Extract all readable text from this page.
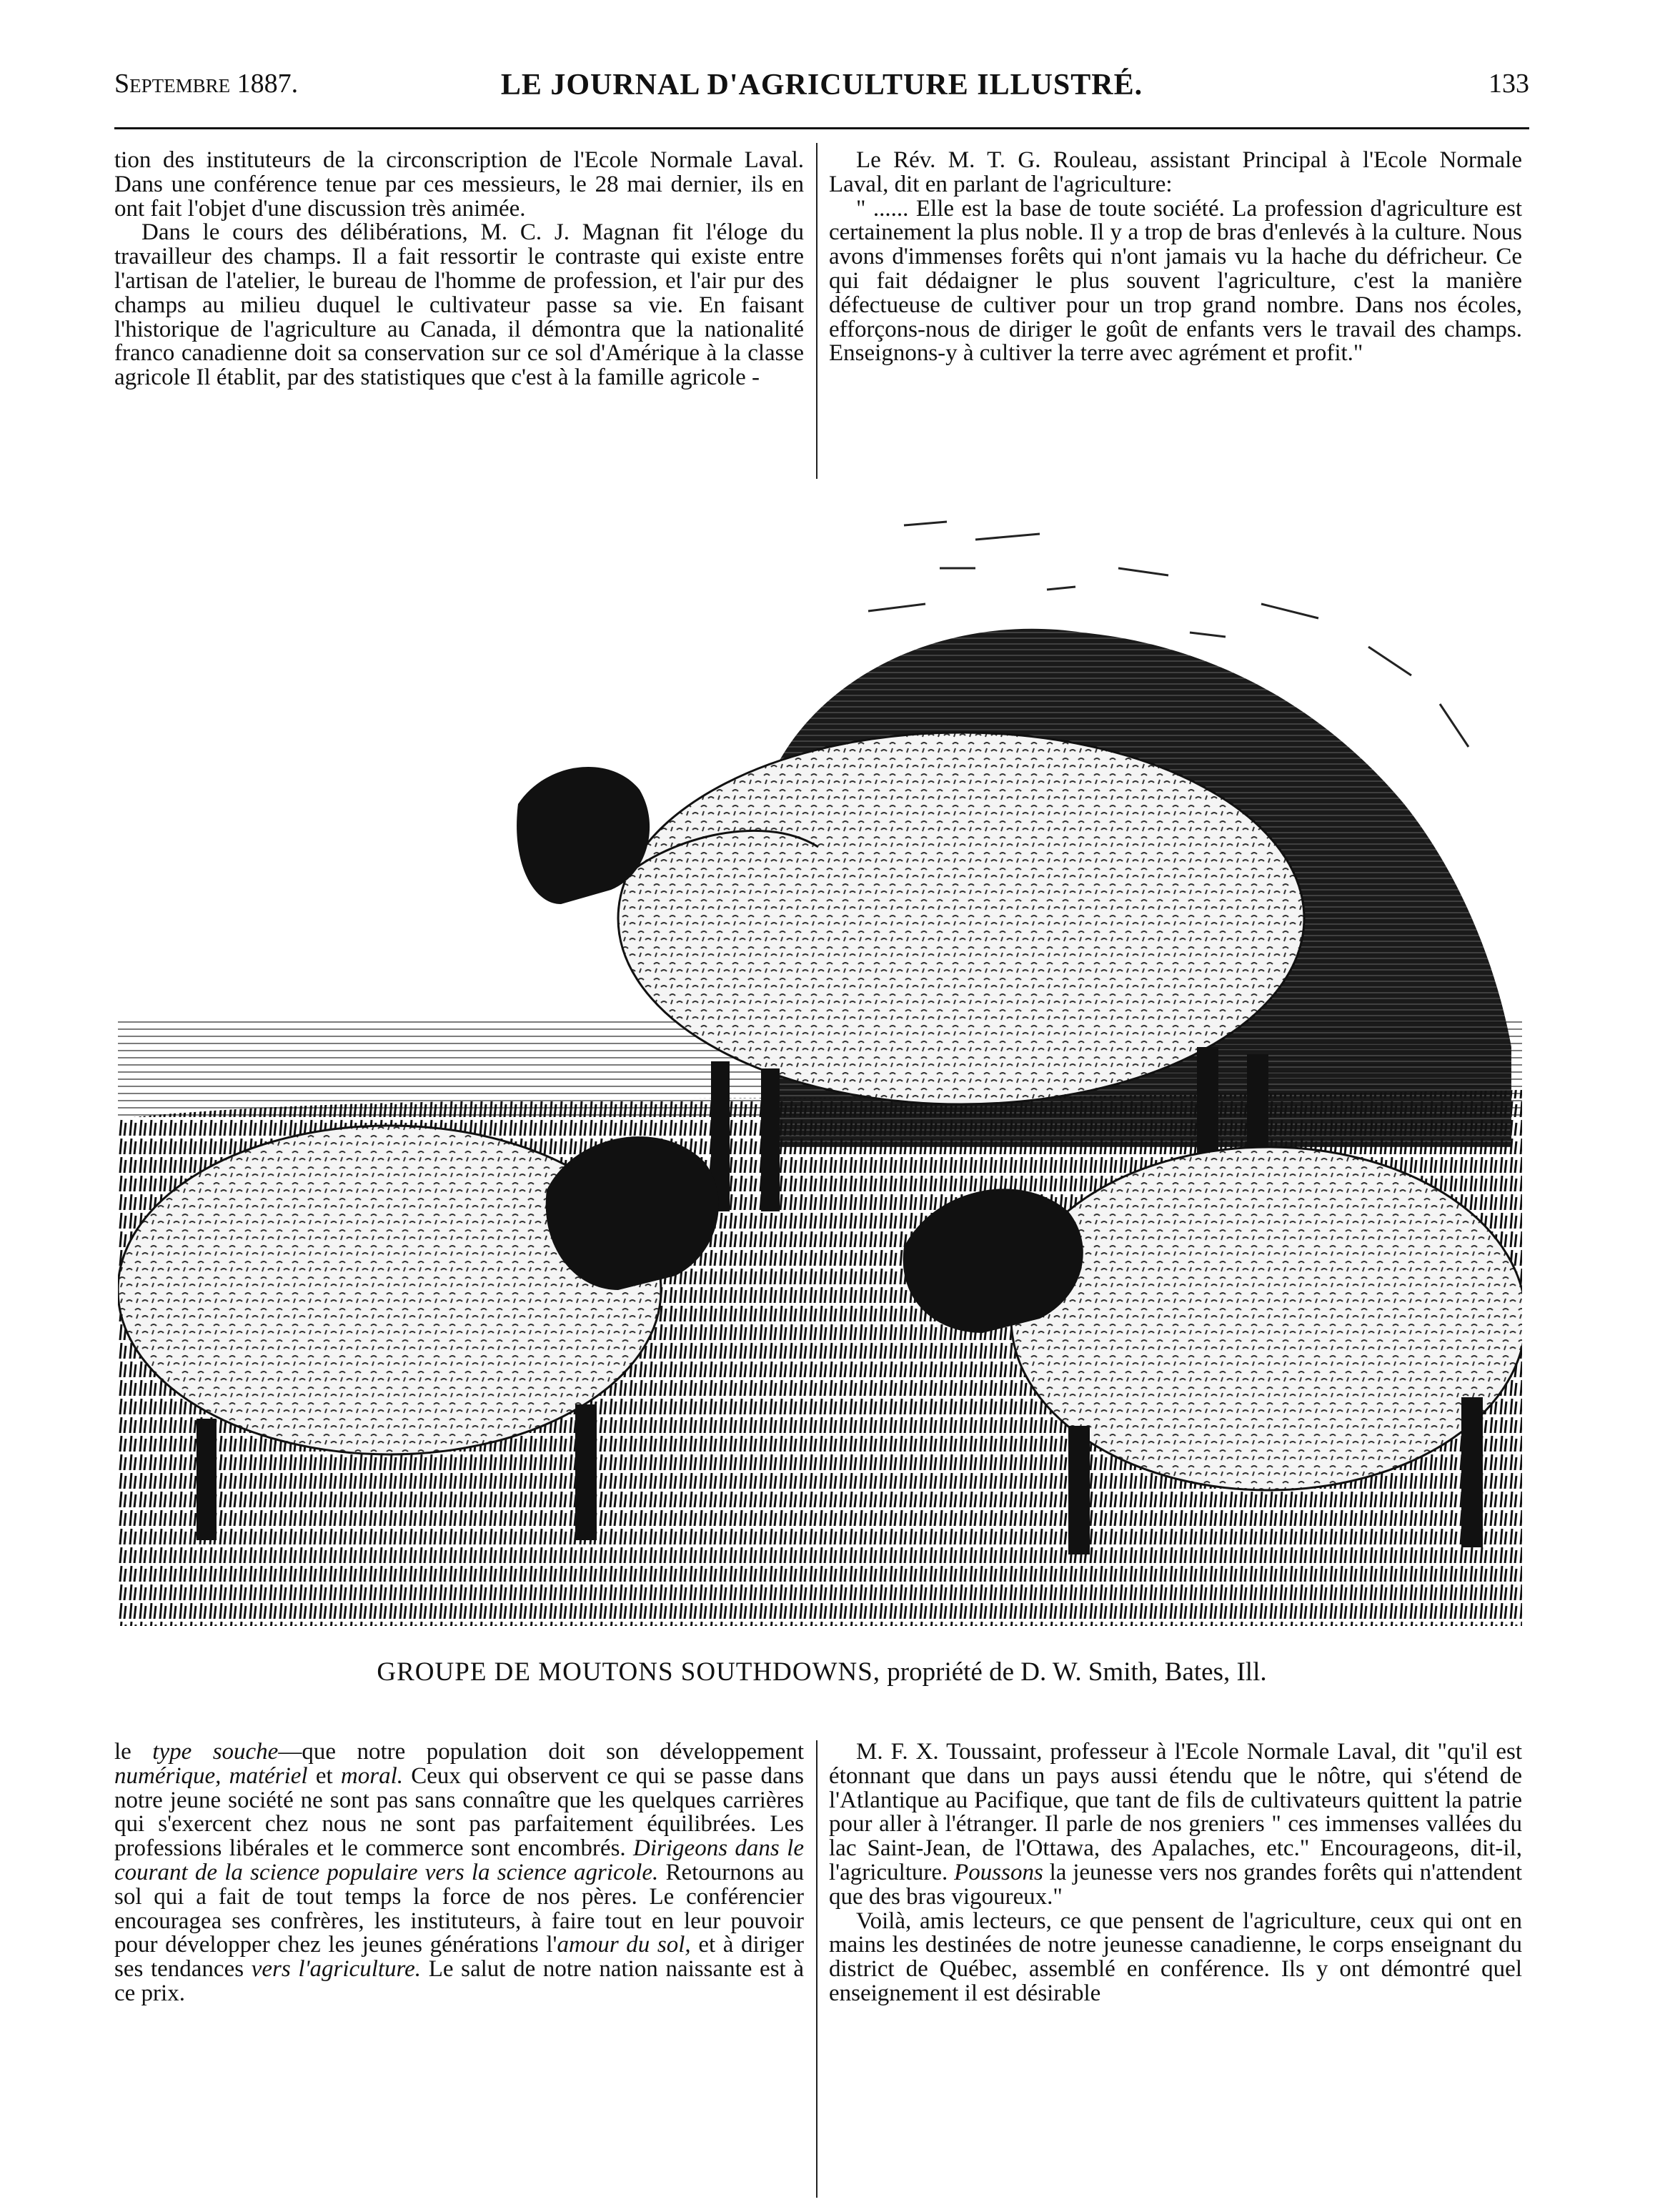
Septembre 1887.	LE JOURNAL D'AGRICULTURE ILLUSTRÉ.	133

tion des instituteurs de la circonscription de l'Ecole Normale Laval. Dans une conférence tenue par ces messieurs, le 28 mai dernier, ils en ont fait l'objet d'une discussion très animée.

Dans le cours des délibérations, M. C. J. Magnan fit l'éloge du travailleur des champs. Il a fait ressortir le contraste qui existe entre l'artisan de l'atelier, le bureau de l'homme de profession, et l'air pur des champs au milieu duquel le cultivateur passe sa vie. En faisant l'historique de l'agriculture au Canada, il démontra que la nationalité franco canadienne doit sa conservation sur ce sol d'Amérique à la classe agricole Il établit, par des statistiques que c'est à la famille agricole -

Le Rév. M. T. G. Rouleau, assistant Principal à l'Ecole Normale Laval, dit en parlant de l'agriculture:

" ...... Elle est la base de toute société. La profession d'agriculture est certainement la plus noble. Il y a trop de bras d'enlevés à la culture. Nous avons d'immenses forêts qui n'ont jamais vu la hache du défricheur. Ce qui fait dédaigner le plus souvent l'agriculture, c'est la manière défectueuse de cultiver pour un trop grand nombre. Dans nos écoles, efforçons-nous de diriger le goût de enfants vers le travail des champs. Enseignons-y à cultiver la terre avec agrément et profit."

GROUPE DE MOUTONS SOUTHDOWNS, propriété de D. W. Smith, Bates, Ill.

le type souche—que notre population doit son développement numérique, matériel et moral. Ceux qui observent ce qui se passe dans notre jeune société ne sont pas sans connaître que les quelques carrières qui s'exercent chez nous ne sont pas parfaitement équilibrées. Les professions libérales et le commerce sont encombrés. Dirigeons dans le courant de la science populaire vers la science agricole. Retournons au sol qui a fait de tout temps la force de nos pères. Le conférencier encouragea ses confrères, les instituteurs, à faire tout en leur pouvoir pour développer chez les jeunes générations l'amour du sol, et à diriger ses tendances vers l'agriculture. Le salut de notre nation naissante est à ce prix.

M. F. X. Toussaint, professeur à l'Ecole Normale Laval, dit "qu'il est étonnant que dans un pays aussi étendu que le nôtre, qui s'étend de l'Atlantique au Pacifique, que tant de fils de cultivateurs quittent la patrie pour aller à l'étranger. Il parle de nos greniers " ces immenses vallées du lac Saint-Jean, de l'Ottawa, des Apalaches, etc." Encourageons, dit-il, l'agriculture. Poussons la jeunesse vers nos grandes forêts qui n'attendent que des bras vigoureux."

Voilà, amis lecteurs, ce que pensent de l'agriculture, ceux qui ont en mains les destinées de notre jeunesse canadienne, le corps enseignant du district de Québec, assemblé en conférence. Ils y ont démontré quel enseignement il est désirable
